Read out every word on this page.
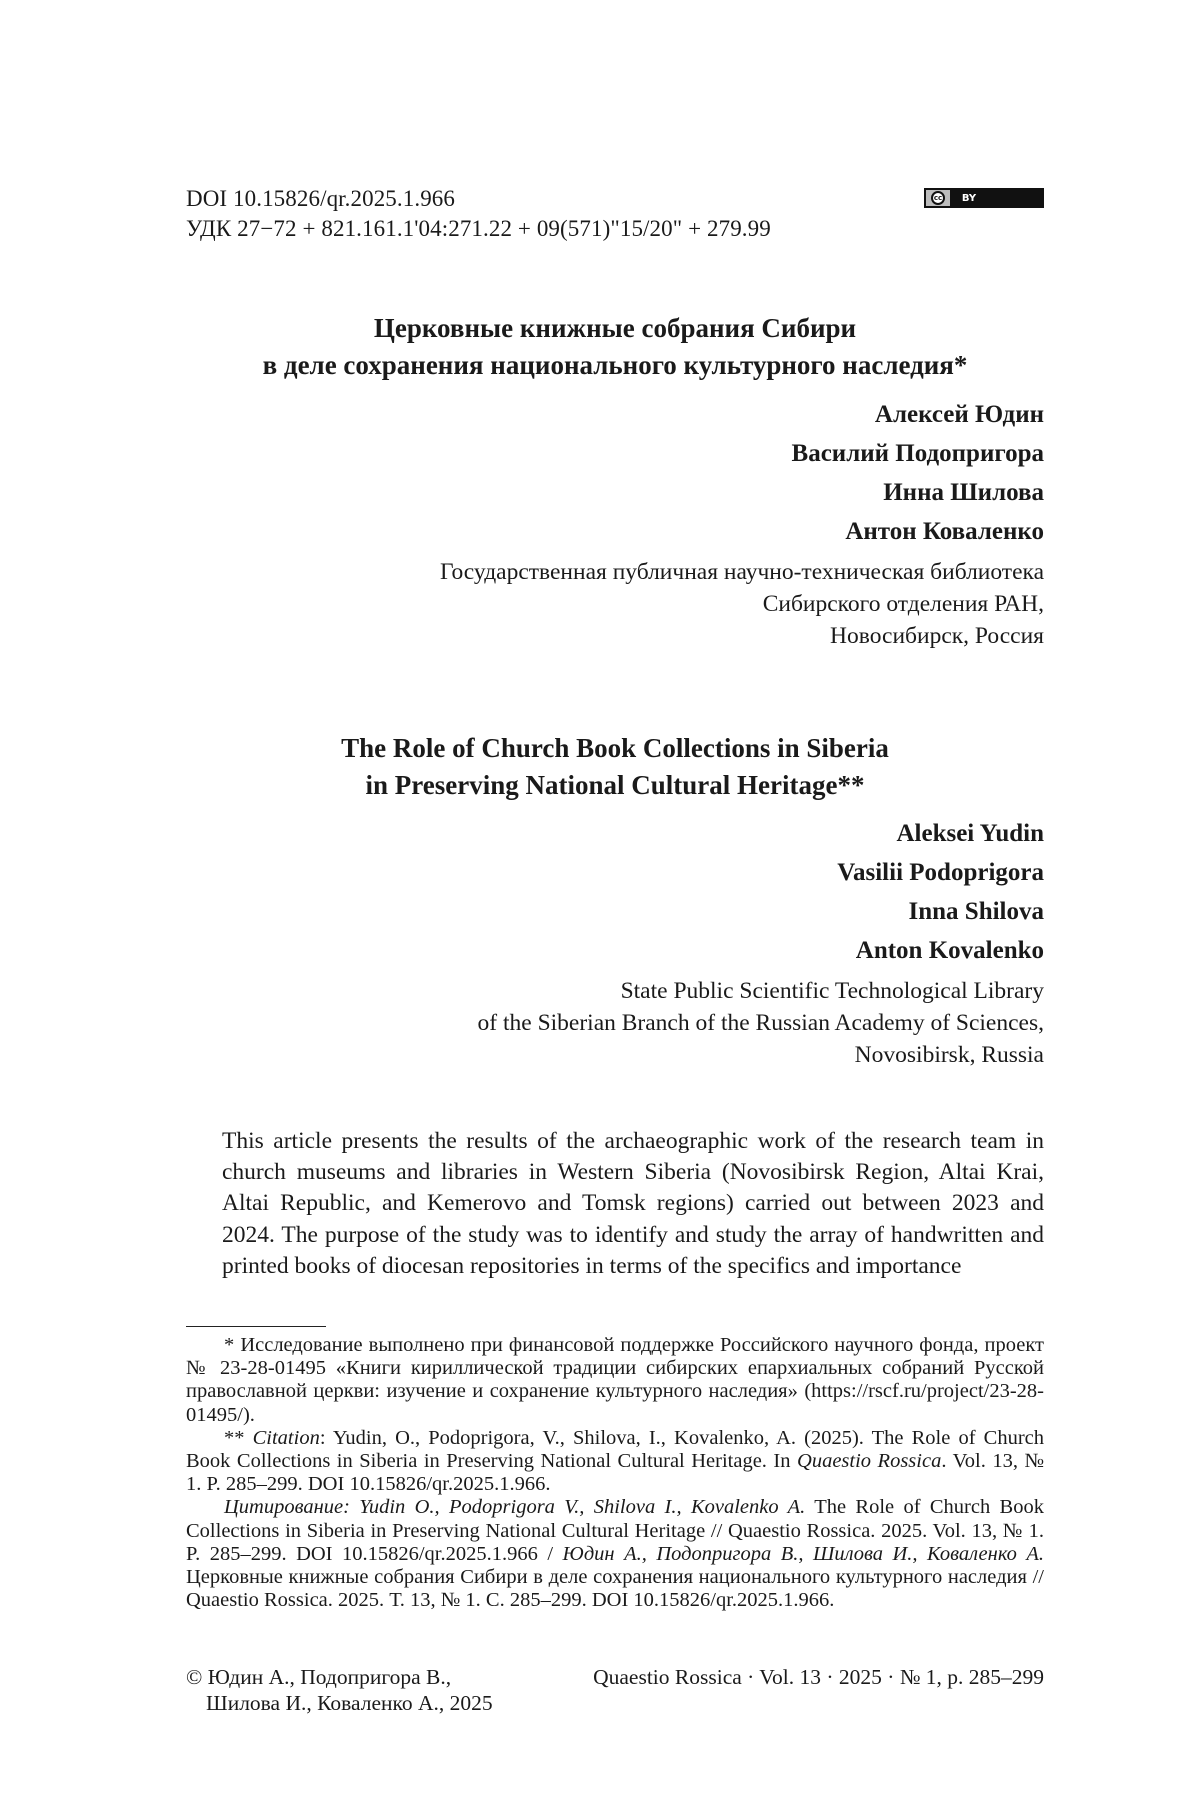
DOI 10.15826/qr.2025.1.966
УДК 27−72 + 821.161.1'04:271.22 + 09(571)"15/20" + 279.99
cc	BY
Церковные книжные собрания Сибири
в деле сохранения национального культурного наследия*
Алексей Юдин
Василий Подопригора
Инна Шилова
Антон Коваленко
Государственная публичная научно-техническая библиотека
Сибирского отделения РАН,
Новосибирск, Россия
The Role of Church Book Collections in Siberia
in Preserving National Cultural Heritage**
Aleksei Yudin
Vasilii Podoprigora
Inna Shilova
Anton Kovalenko
State Public Scientific Technological Library
of the Siberian Branch of the Russian Academy of Sciences,
Novosibirsk, Russia

This article presents the results of the archaeographic work of the research team in church museums and libraries in Western Siberia (Novosibirsk Region, Altai Krai, Altai Republic, and Kemerovo and Tomsk regions) carried out between 2023 and 2024. The purpose of the study was to identify and study the array of handwritten and printed books of diocesan repositories in terms of the specifics and importance

* Исследование выполнено при финансовой поддержке Российского научного фонда, проект № 23-28-01495 «Книги кириллической традиции сибирских епархиальных собраний Русской православной церкви: изучение и сохранение культурного наследия» (https://rscf.ru/project/23-28-01495/).

** Citation: Yudin, O., Podoprigora, V., Shilova, I., Kovalenko, A. (2025). The Role of Church Book Collections in Siberia in Preserving National Cultural Heritage. In Quaestio Rossica. Vol. 13, № 1. P. 285–299. DOI 10.15826/qr.2025.1.966.

Цитирование: Yudin O., Podoprigora V., Shilova I., Kovalenko A. The Role of Church Book Collections in Siberia in Preserving National Cultural Heritage // Quaestio Rossica. 2025. Vol. 13, № 1. P. 285–299. DOI 10.15826/qr.2025.1.966 / Юдин А., Подопригора В., Шилова И., Коваленко А. Церковные книжные собрания Сибири в деле сохранения национального культурного наследия // Quaestio Rossica. 2025. Т. 13, № 1. С. 285–299. DOI 10.15826/qr.2025.1.966.

© Юдин А., Подопригора В.,
Шилова И., Коваленко А., 2025
Quaestio Rossica · Vol. 13 · 2025 · № 1, p. 285–299
